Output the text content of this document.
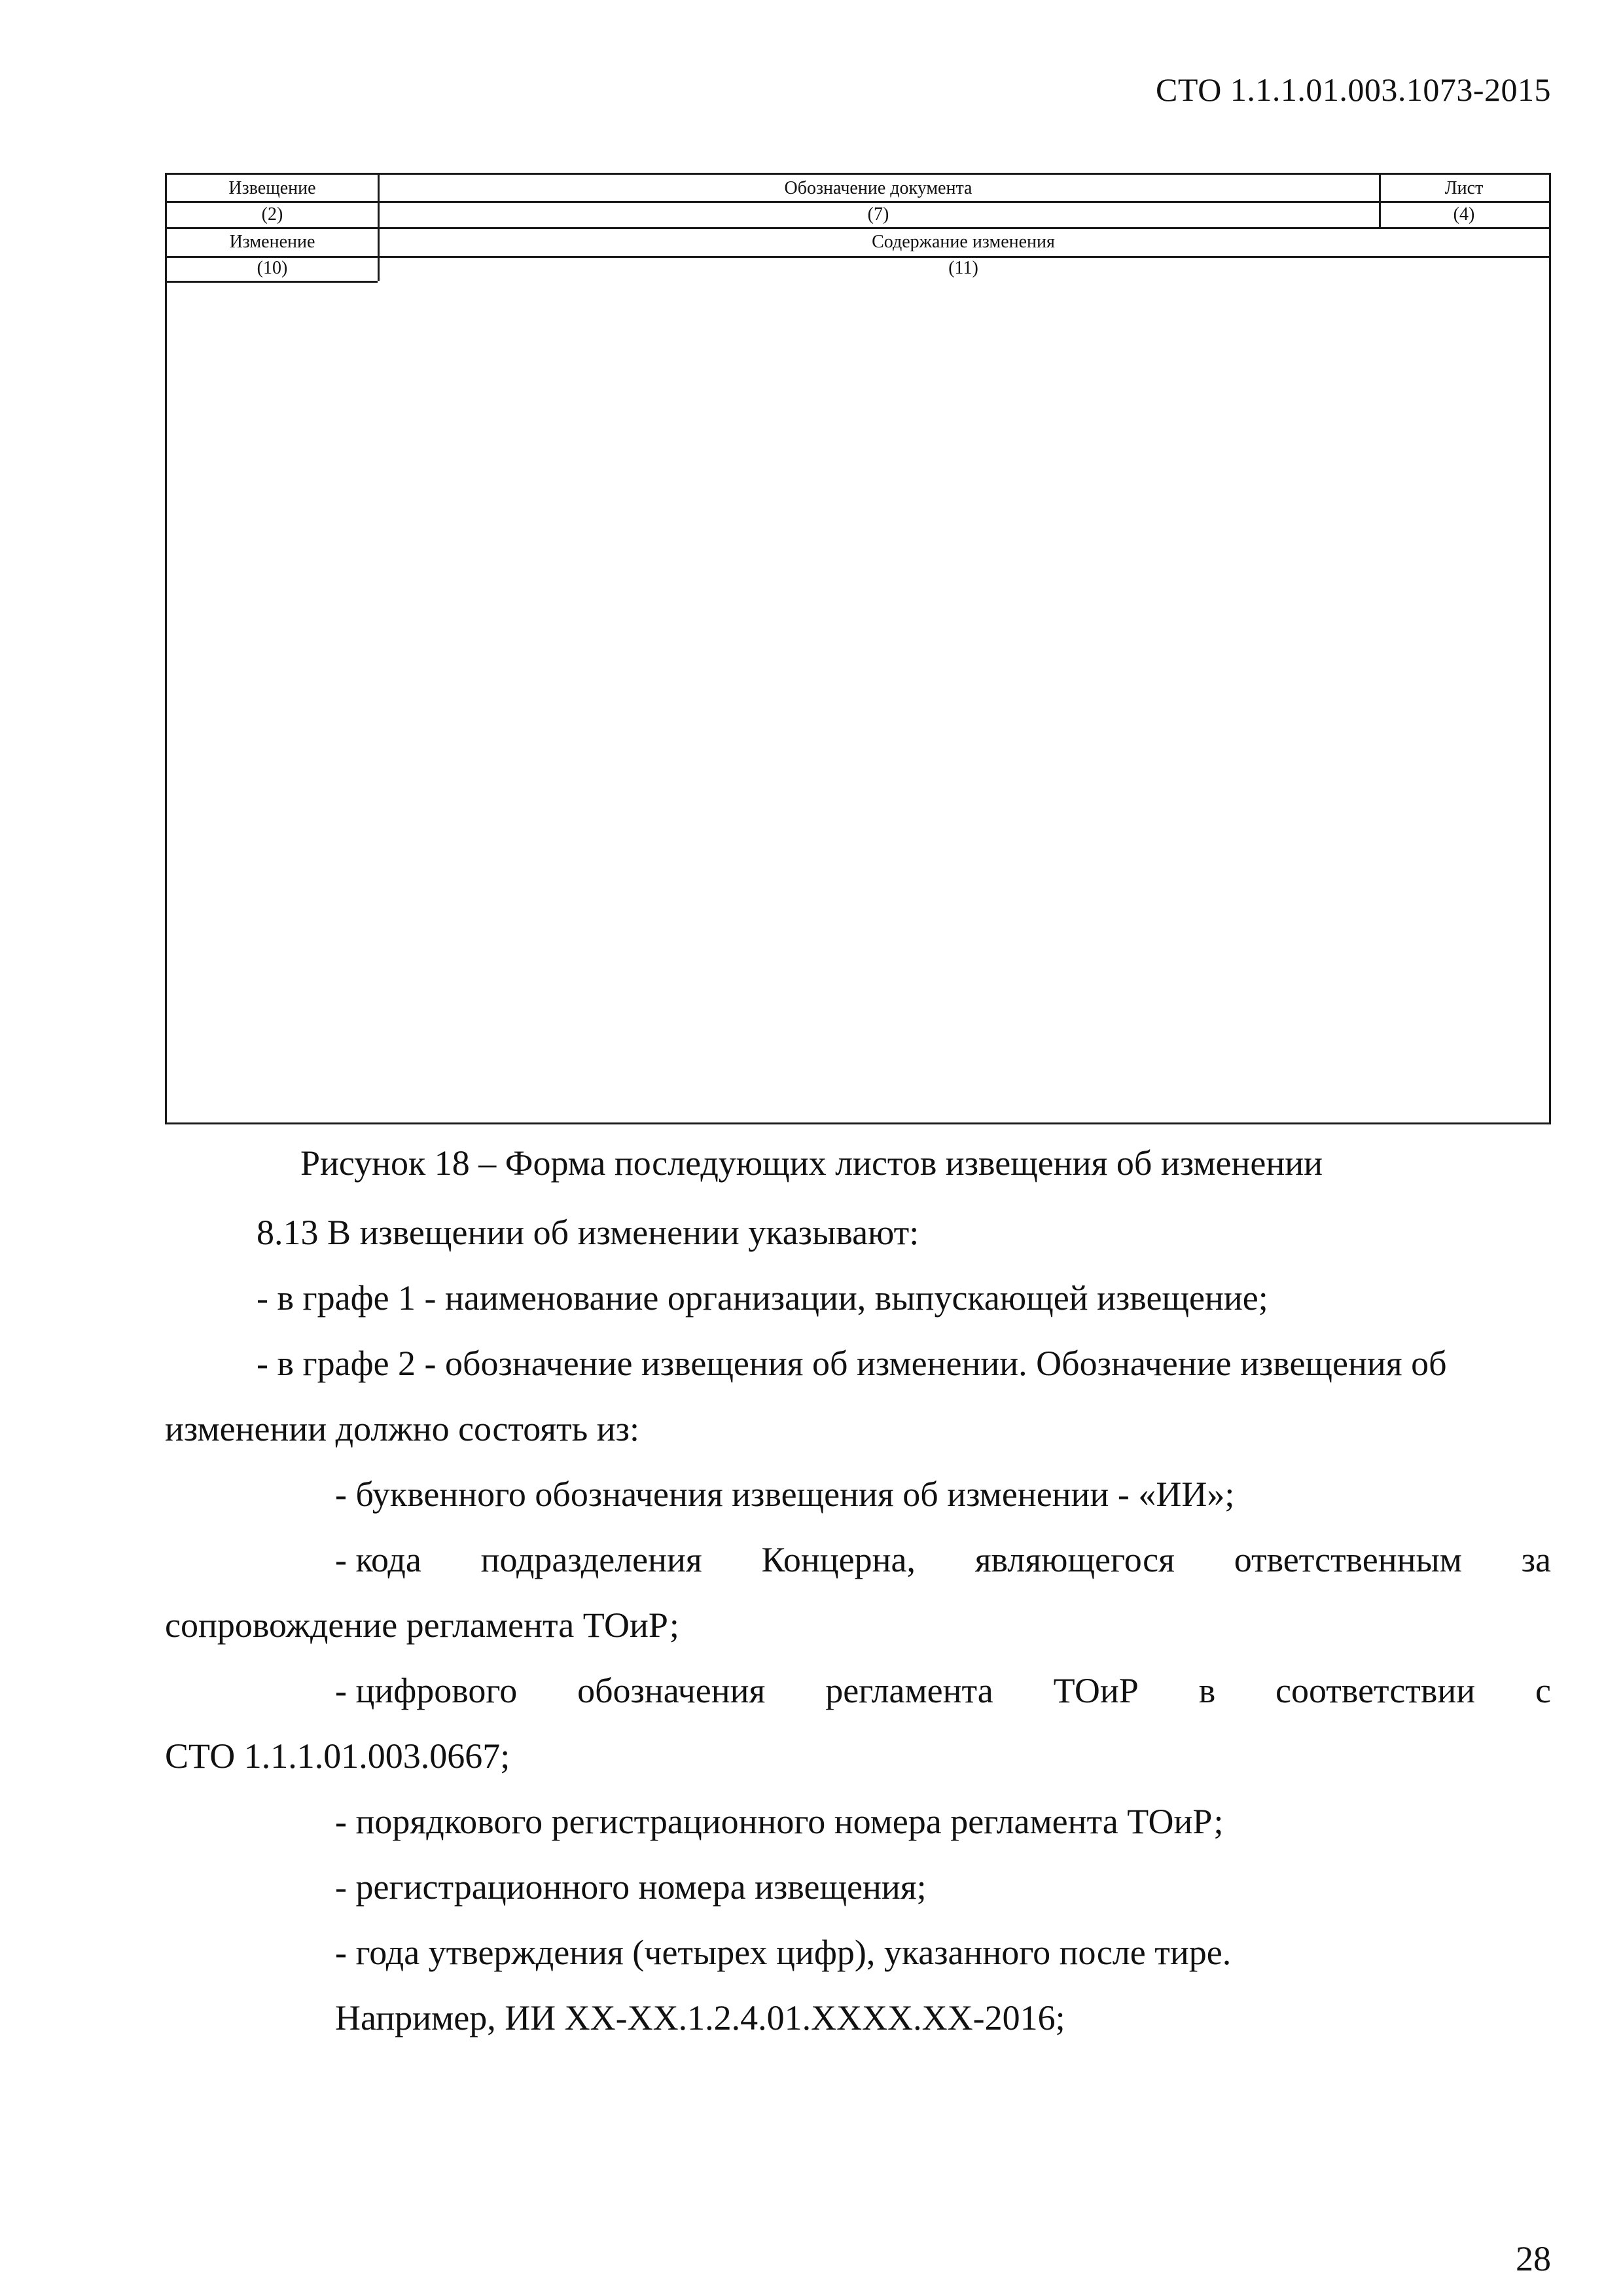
СТО 1.1.1.01.003.1073-2015
Извещение	Обозначение документа	Лист
(2)	(7)	(4)
Изменение	Содержание изменения
(10)	(11)
Рисунок 18 – Форма последующих листов извещения об изменении
8.13 В извещении об изменении указывают:
- в графе 1 - наименование организации, выпускающей извещение;
- в графе 2 - обозначение извещения об изменении. Обозначение извещения об
изменении должно состоять из:
- буквенного обозначения извещения об изменении - «ИИ»;
- кода подразделения Концерна, являющегося ответственным за
сопровождение регламента ТОиР;
- цифрового обозначения регламента ТОиР в соответствии с
СТО 1.1.1.01.003.0667;
- порядкового регистрационного номера регламента ТОиР;
- регистрационного номера извещения;
- года утверждения (четырех цифр), указанного после тире.
Например, ИИ ХХ-ХХ.1.2.4.01.ХХХХ.ХХ-2016;
28
